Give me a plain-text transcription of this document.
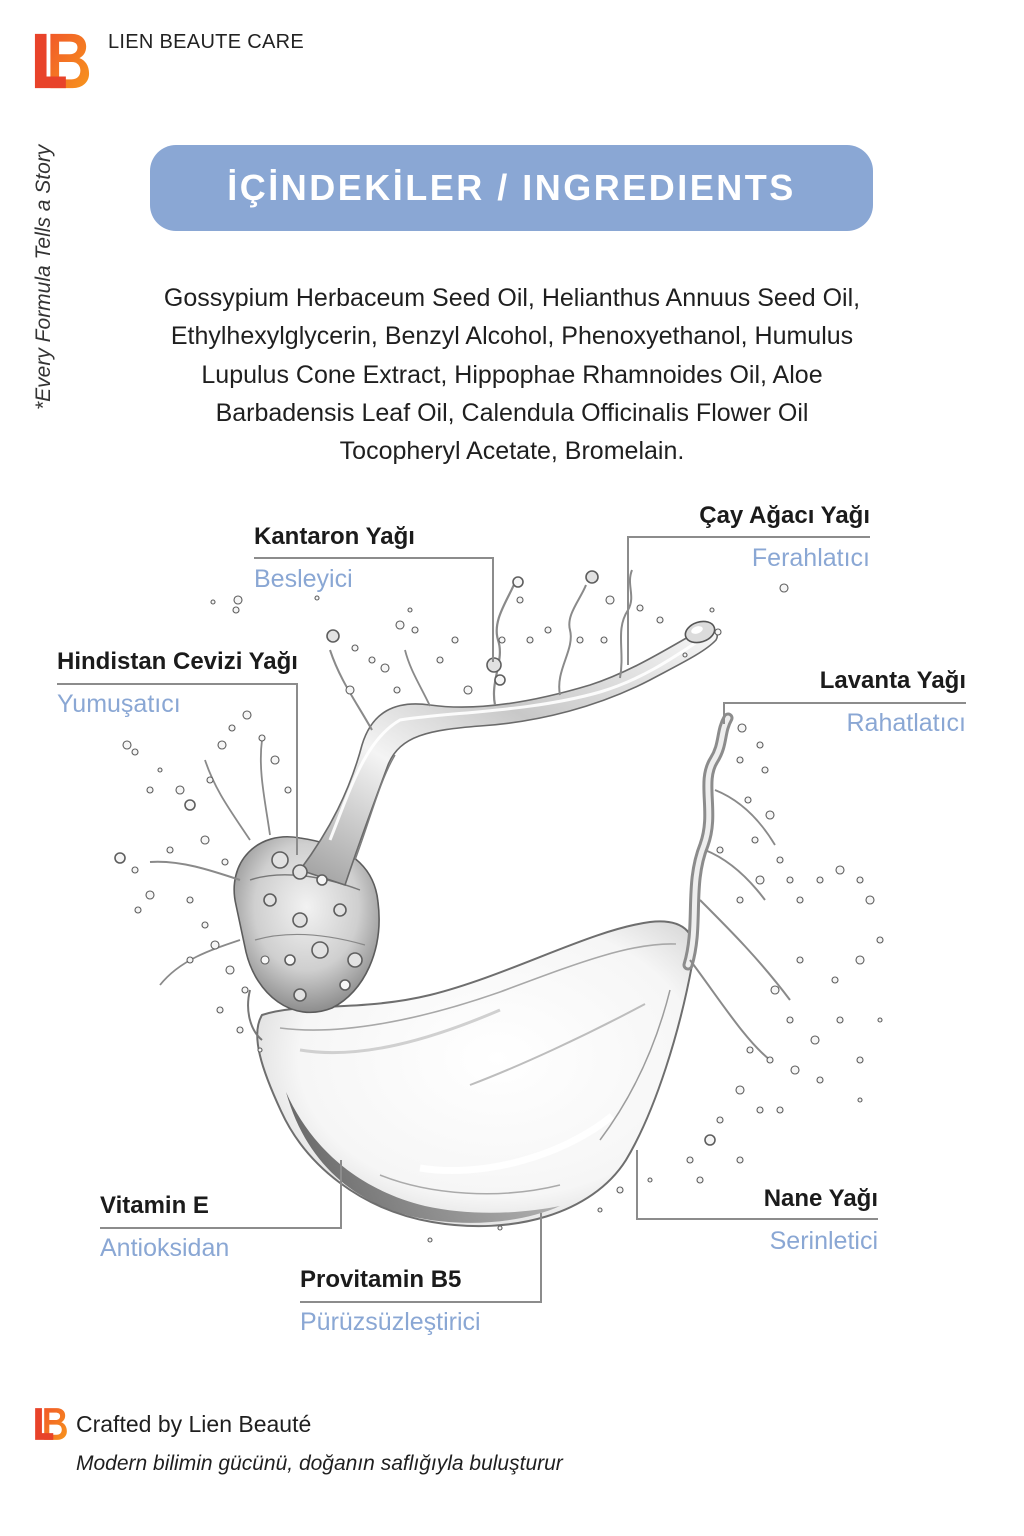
LIEN BEAUTE CARE
*Every Formula Tells a Story	İÇİNDEKİLER / INGREDIENTS
Gossypium Herbaceum Seed Oil, Helianthus Annuus Seed Oil,
Ethylhexylglycerin, Benzyl Alcohol, Phenoxyethanol, Humulus
Lupulus Cone Extract, Hippophae Rhamnoides Oil, Aloe
Barbadensis Leaf Oil, Calendula Officinalis Flower Oil
Tocopheryl Acetate, Bromelain.
Kantaron Yağı
Besleyici
Çay Ağacı Yağı
Ferahlatıcı
Hindistan Cevizi Yağı
Yumuşatıcı
Lavanta Yağı
Rahatlatıcı
Vitamin E
Antioksidan
Provitamin B5
Pürüzsüzleştirici
Nane Yağı
Serinletici
Crafted by Lien Beauté
Modern bilimin gücünü, doğanın saflığıyla buluşturur
